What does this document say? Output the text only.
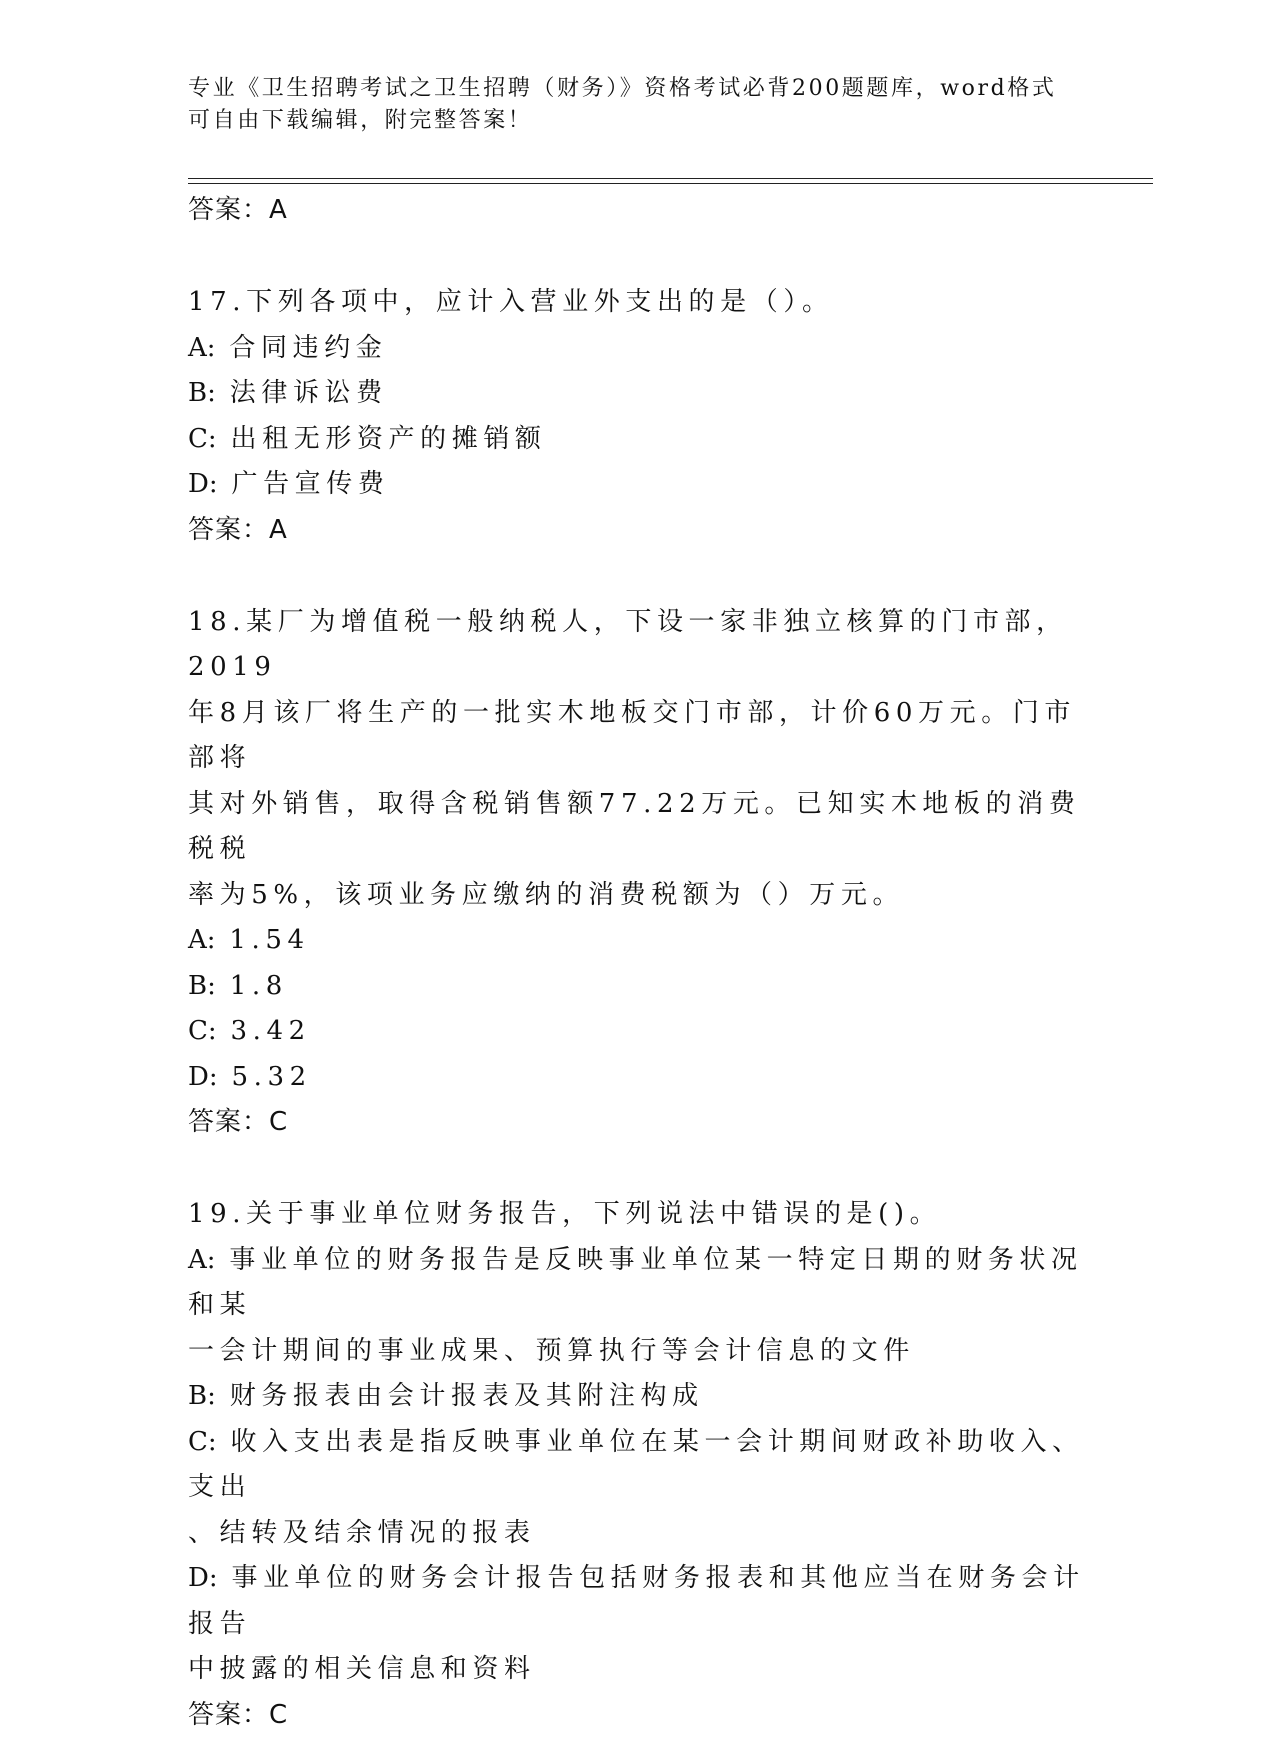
专业《卫生招聘考试之卫生招聘（财务）》资格考试必背200题题库，word格式
可自由下载编辑，附完整答案！
答案：A
17.下列各项中，应计入营业外支出的是（）。
A: 合同违约金
B: 法律诉讼费
C: 出租无形资产的摊销额
D: 广告宣传费
答案：A
18.某厂为增值税一般纳税人，下设一家非独立核算的门市部，2019
年8月该厂将生产的一批实木地板交门市部，计价60万元。门市部将
其对外销售，取得含税销售额77.22万元。已知实木地板的消费税税
率为5%，该项业务应缴纳的消费税额为（）万元。
A: 1.54
B: 1.8
C: 3.42
D: 5.32
答案：C
19.关于事业单位财务报告，下列说法中错误的是()。
A: 事业单位的财务报告是反映事业单位某一特定日期的财务状况和某
一会计期间的事业成果、预算执行等会计信息的文件
B: 财务报表由会计报表及其附注构成
C: 收入支出表是指反映事业单位在某一会计期间财政补助收入、支出
、结转及结余情况的报表
D: 事业单位的财务会计报告包括财务报表和其他应当在财务会计报告
中披露的相关信息和资料
答案：C
